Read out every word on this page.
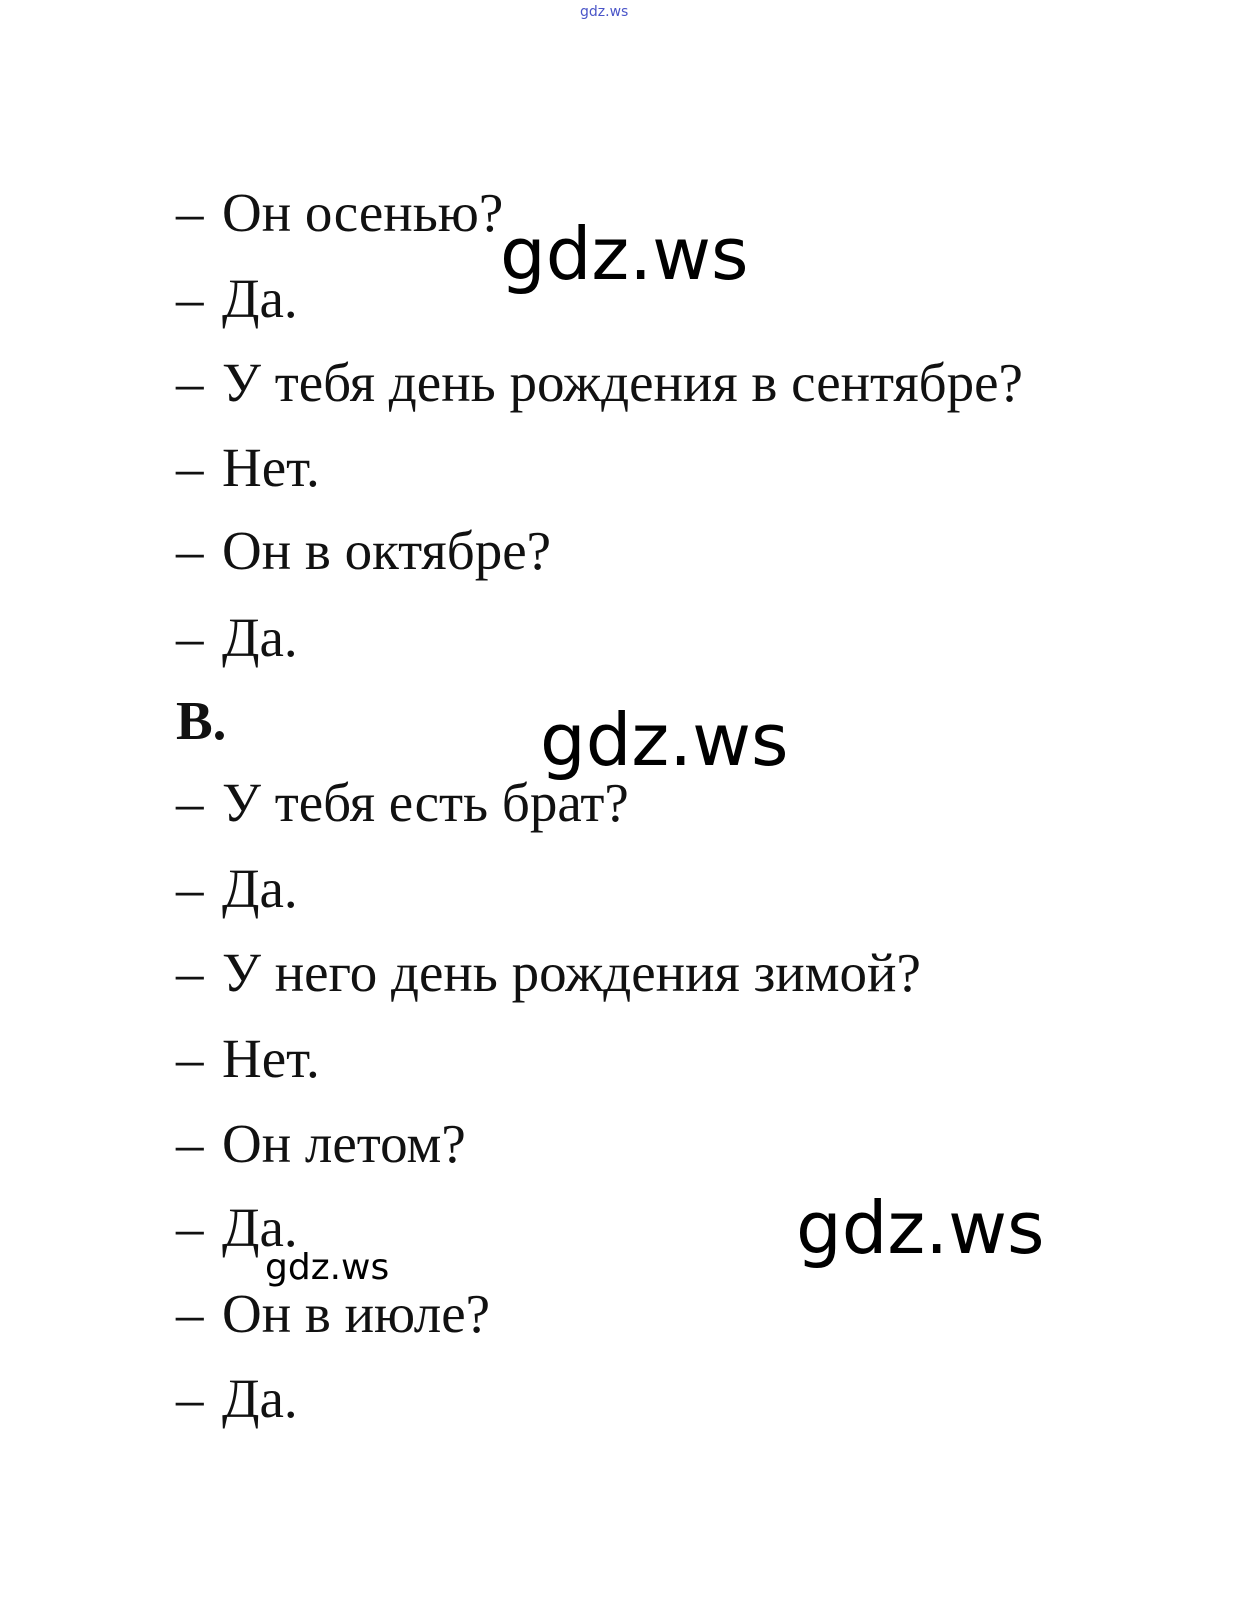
gdz.ws
– Он осенью?
– Да.
– У тебя день рождения в сентябре?
– Нет.
– Он в октябре?
– Да.
B.
– У тебя есть брат?
– Да.
– У него день рождения зимой?
– Нет.
– Он летом?
– Да.
– Он в июле?
– Да.
gdz.ws
gdz.ws
gdz.ws
gdz.ws
